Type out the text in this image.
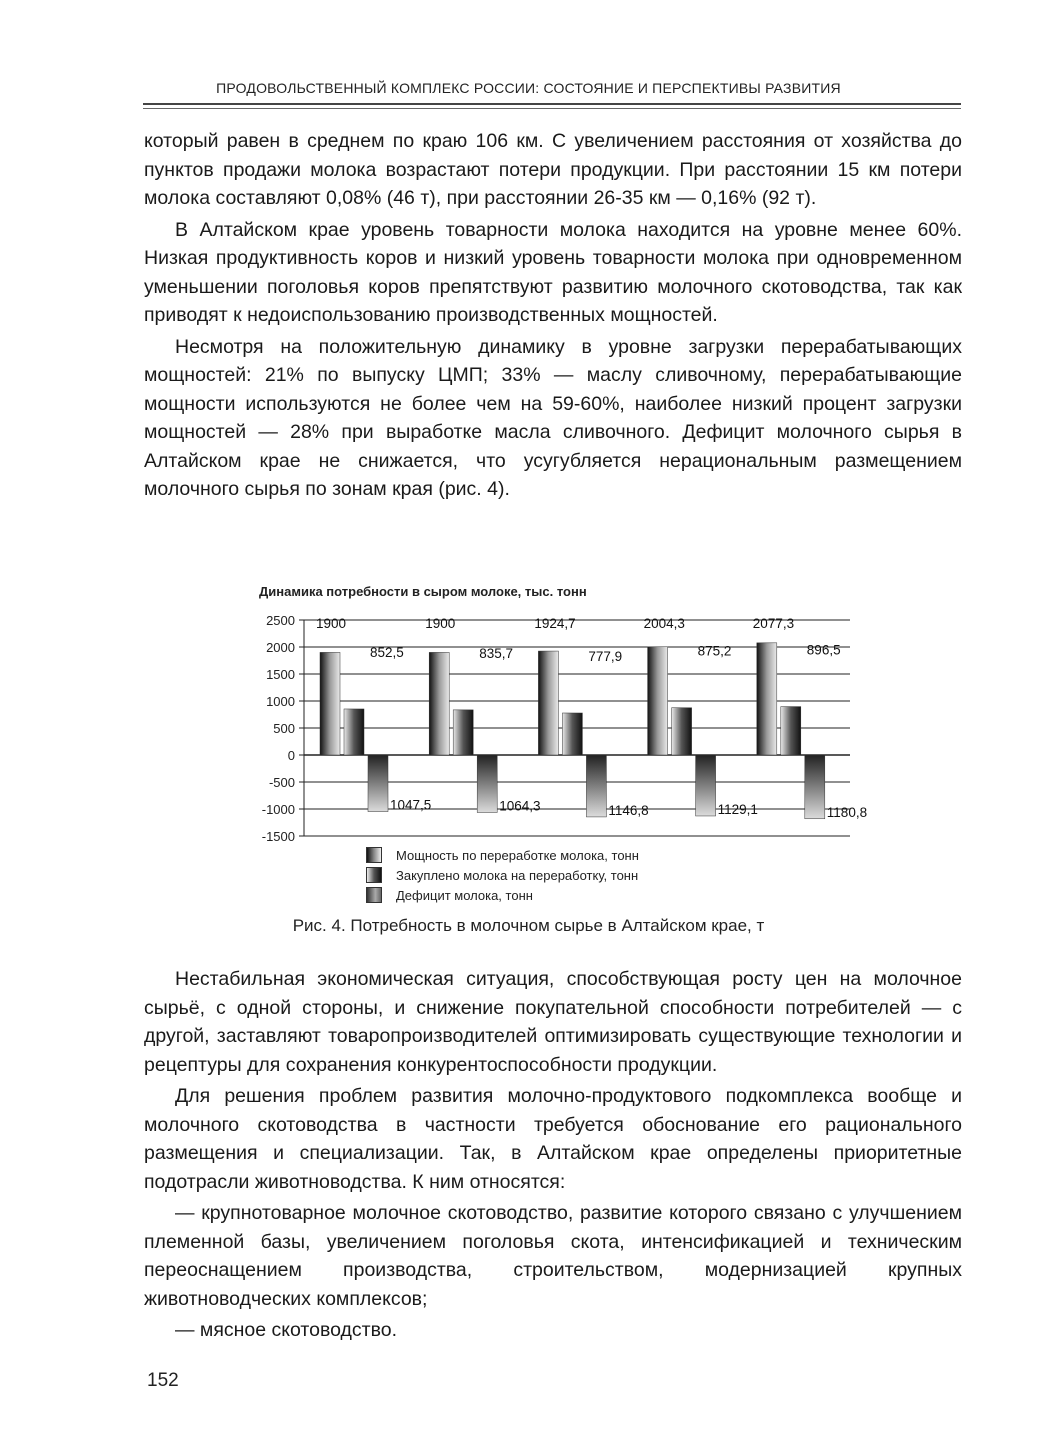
ПРОДОВОЛЬСТВЕННЫЙ КОМПЛЕКС РОССИИ: СОСТОЯНИЕ И ПЕРСПЕКТИВЫ РАЗВИТИЯ

который равен в среднем по краю 106 км. С увеличением расстояния от хозяйства до пунктов продажи молока возрастают потери продукции. При расстоянии 15 км потери молока составляют 0,08% (46 т), при расстоянии 26-35 км — 0,16% (92 т).

В Алтайском крае уровень товарности молока находится на уровне менее 60%. Низкая продуктивность коров и низкий уровень товарности молока при одновременном уменьшении поголовья коров препятствуют развитию молочного скотоводства, так как приводят к недоиспользованию производственных мощностей.

Несмотря на положительную динамику в уровне загрузки перерабатывающих мощностей: 21% по выпуску ЦМП; 33% — маслу сливочному, перерабатывающие мощности используются не более чем на 59-60%, наиболее низкий процент загрузки мощностей — 28% при выработке масла сливочного. Дефицит молочного сырья в Алтайском крае не снижается, что усугубляется нерациональным размещением молочного сырья по зонам края (рис. 4).

Динамика потребности в сыром молоке, тыс. тонн
2500
2000
1500
1000
500
0
-500
-1000
-1500
1900
852,5
1047,5
1900
835,7
1064,3
1924,7
777,9
1146,8
2004,3
875,2
1129,1
2077,3
896,5
1180,8
Мощность по переработке молока, тонн
Закуплено молока на переработку, тонн
Дефицит молока, тонн
Рис. 4. Потребность в молочном сырье в Алтайском крае, т

Нестабильная экономическая ситуация, способствующая росту цен на молочное сырьё, с одной стороны, и снижение покупательной способности потребителей — с другой, заставляют товаропроизводителей оптимизировать существующие технологии и рецептуры для сохранения конкурентоспособности продукции.

Для решения проблем развития молочно-продуктового подкомплекса вообще и молочного скотоводства в частности требуется обоснование его рационального размещения и специализации. Так, в Алтайском крае определены приоритетные подотрасли животноводства. К ним относятся:

— крупнотоварное молочное скотоводство, развитие которого связано с улучшением племенной базы, увеличением поголовья скота, интенсификацией и техническим переоснащением производства, строительством, модернизацией крупных животноводческих комплексов;

— мясное скотоводство.

152
